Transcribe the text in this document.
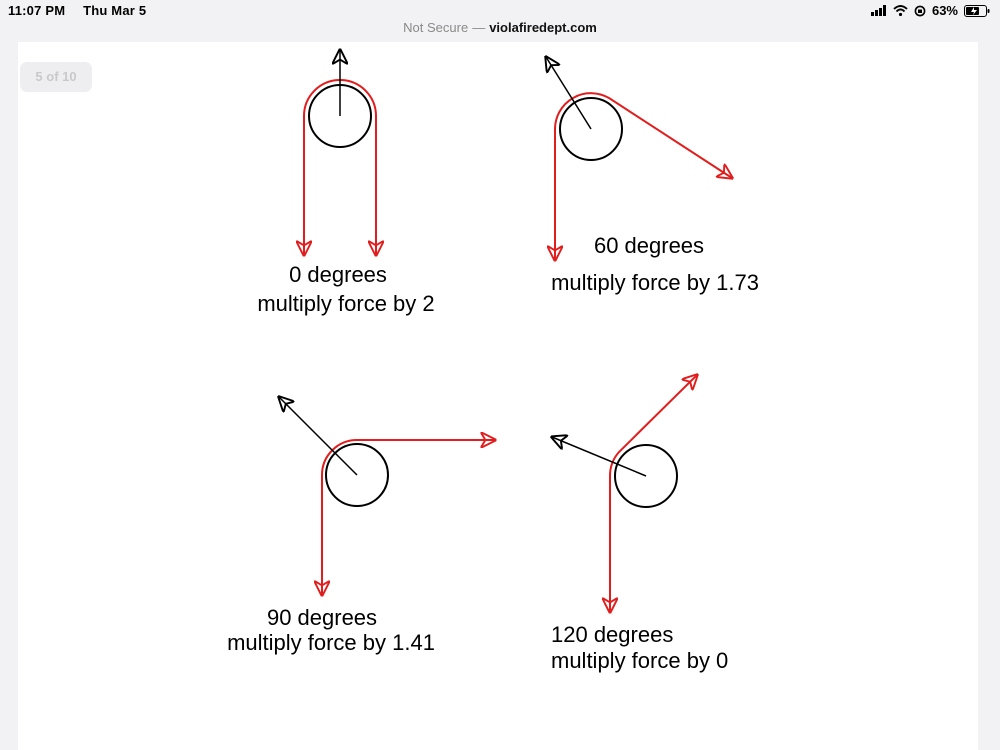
11:07 PM Thu Mar 5	63%
Not Secure — violafiredept.com
5 of 10
0 degrees
multiply force by 2
60 degrees
multiply force by 1.73
90 degrees
multiply force by 1.41	120 degrees
multiply force by 0
